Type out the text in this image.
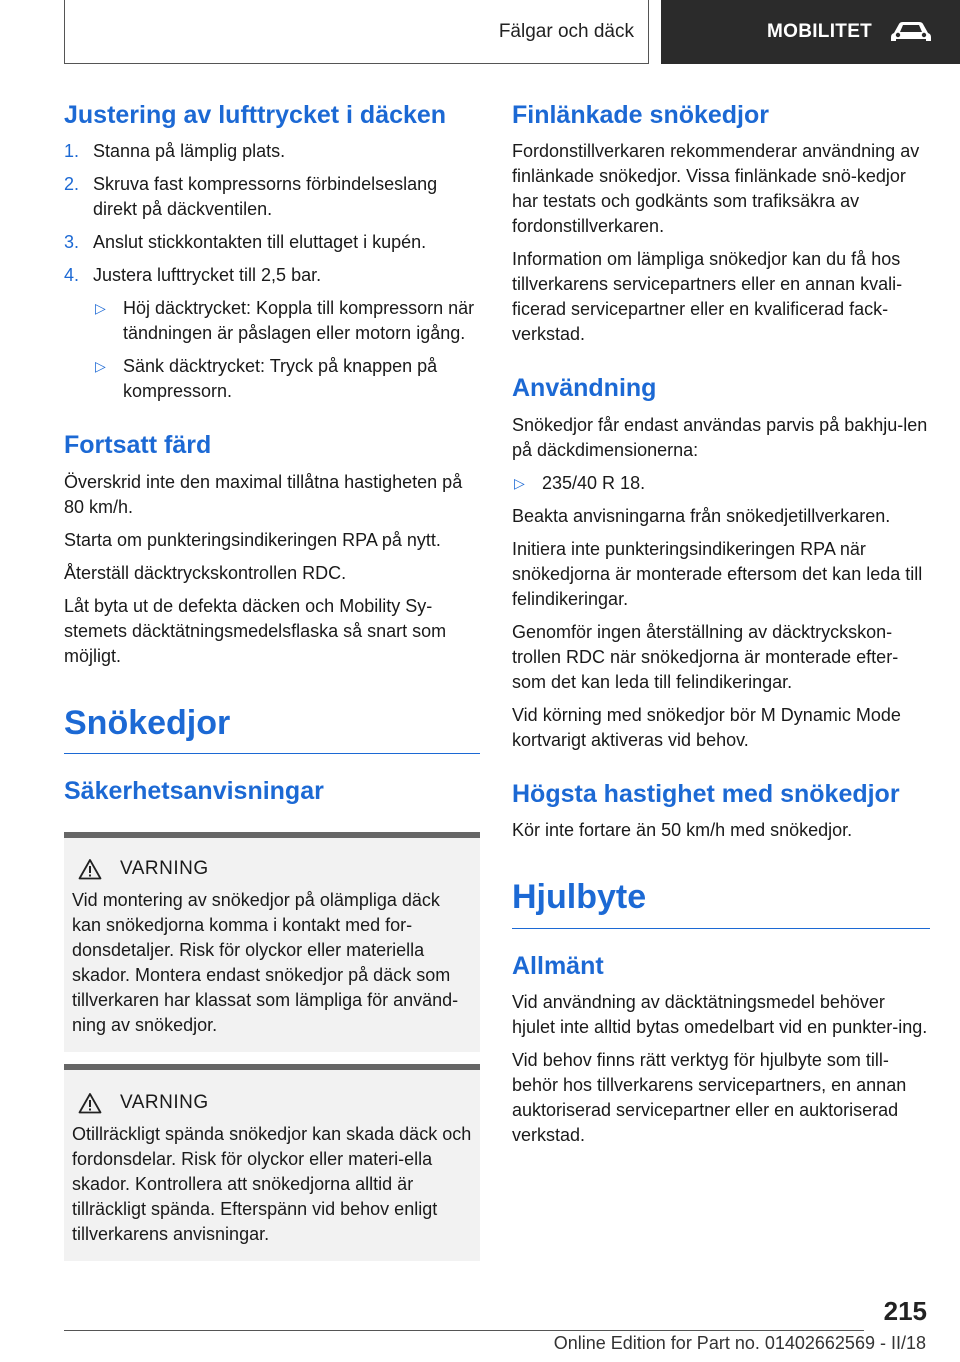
Fälgar och däck	MOBILITET
Justering av lufttrycket i däcken
1. Stanna på lämplig plats.
2. Skruva fast kompressorns förbindelseslang direkt på däckventilen.
3. Anslut stickkontakten till eluttaget i kupén.
4. Justera lufttrycket till 2,5 bar.
▷ Höj däcktrycket: Koppla till kompressorn när tändningen är påslagen eller motorn igång.
▷ Sänk däcktrycket: Tryck på knappen på kompressorn.
Fortsatt färd

Överskrid inte den maximal tillåtna hastigheten på 80 km/h.

Starta om punkteringsindikeringen RPA på nytt.

Återställ däcktryckskontrollen RDC.

Låt byta ut de defekta däcken och Mobility Sy-stemets däcktätningsmedelsflaska så snart som möjligt.

Snökedjor
Säkerhetsanvisningar
VARNING

Vid montering av snökedjor på olämpliga däck kan snökedjorna komma i kontakt med for-donsdetaljer. Risk för olyckor eller materiella skador. Montera endast snökedjor på däck som tillverkaren har klassat som lämpliga för använd-ning av snökedjor.

VARNING

Otillräckligt spända snökedjor kan skada däck och fordonsdelar. Risk för olyckor eller materi-ella skador. Kontrollera att snökedjorna alltid är tillräckligt spända. Efterspänn vid behov enligt tillverkarens anvisningar.

Finlänkade snökedjor

Fordonstillverkaren rekommenderar användning av finlänkade snökedjor. Vissa finlänkade snö-kedjor har testats och godkänts som trafiksäkra av fordonstillverkaren.

Information om lämpliga snökedjor kan du få hos tillverkarens servicepartners eller en annan kvali-ficerad servicepartner eller en kvalificerad fack-verkstad.

Användning

Snökedjor får endast användas parvis på bakhju-len på däckdimensionerna:

▷ 235/40 R 18.

Beakta anvisningarna från snökedjetillverkaren.

Initiera inte punkteringsindikeringen RPA när snökedjorna är monterade eftersom det kan leda till felindikeringar.

Genomför ingen återställning av däcktryckskon-trollen RDC när snökedjorna är monterade efter-som det kan leda till felindikeringar.

Vid körning med snökedjor bör M Dynamic Mode kortvarigt aktiveras vid behov.

Högsta hastighet med snökedjor

Kör inte fortare än 50 km/h med snökedjor.

Hjulbyte
Allmänt

Vid användning av däcktätningsmedel behöver hjulet inte alltid bytas omedelbart vid en punkter-ing.

Vid behov finns rätt verktyg för hjulbyte som till-behör hos tillverkarens servicepartners, en annan auktoriserad servicepartner eller en auktoriserad verkstad.

215
Online Edition for Part no. 01402662569 - II/18
